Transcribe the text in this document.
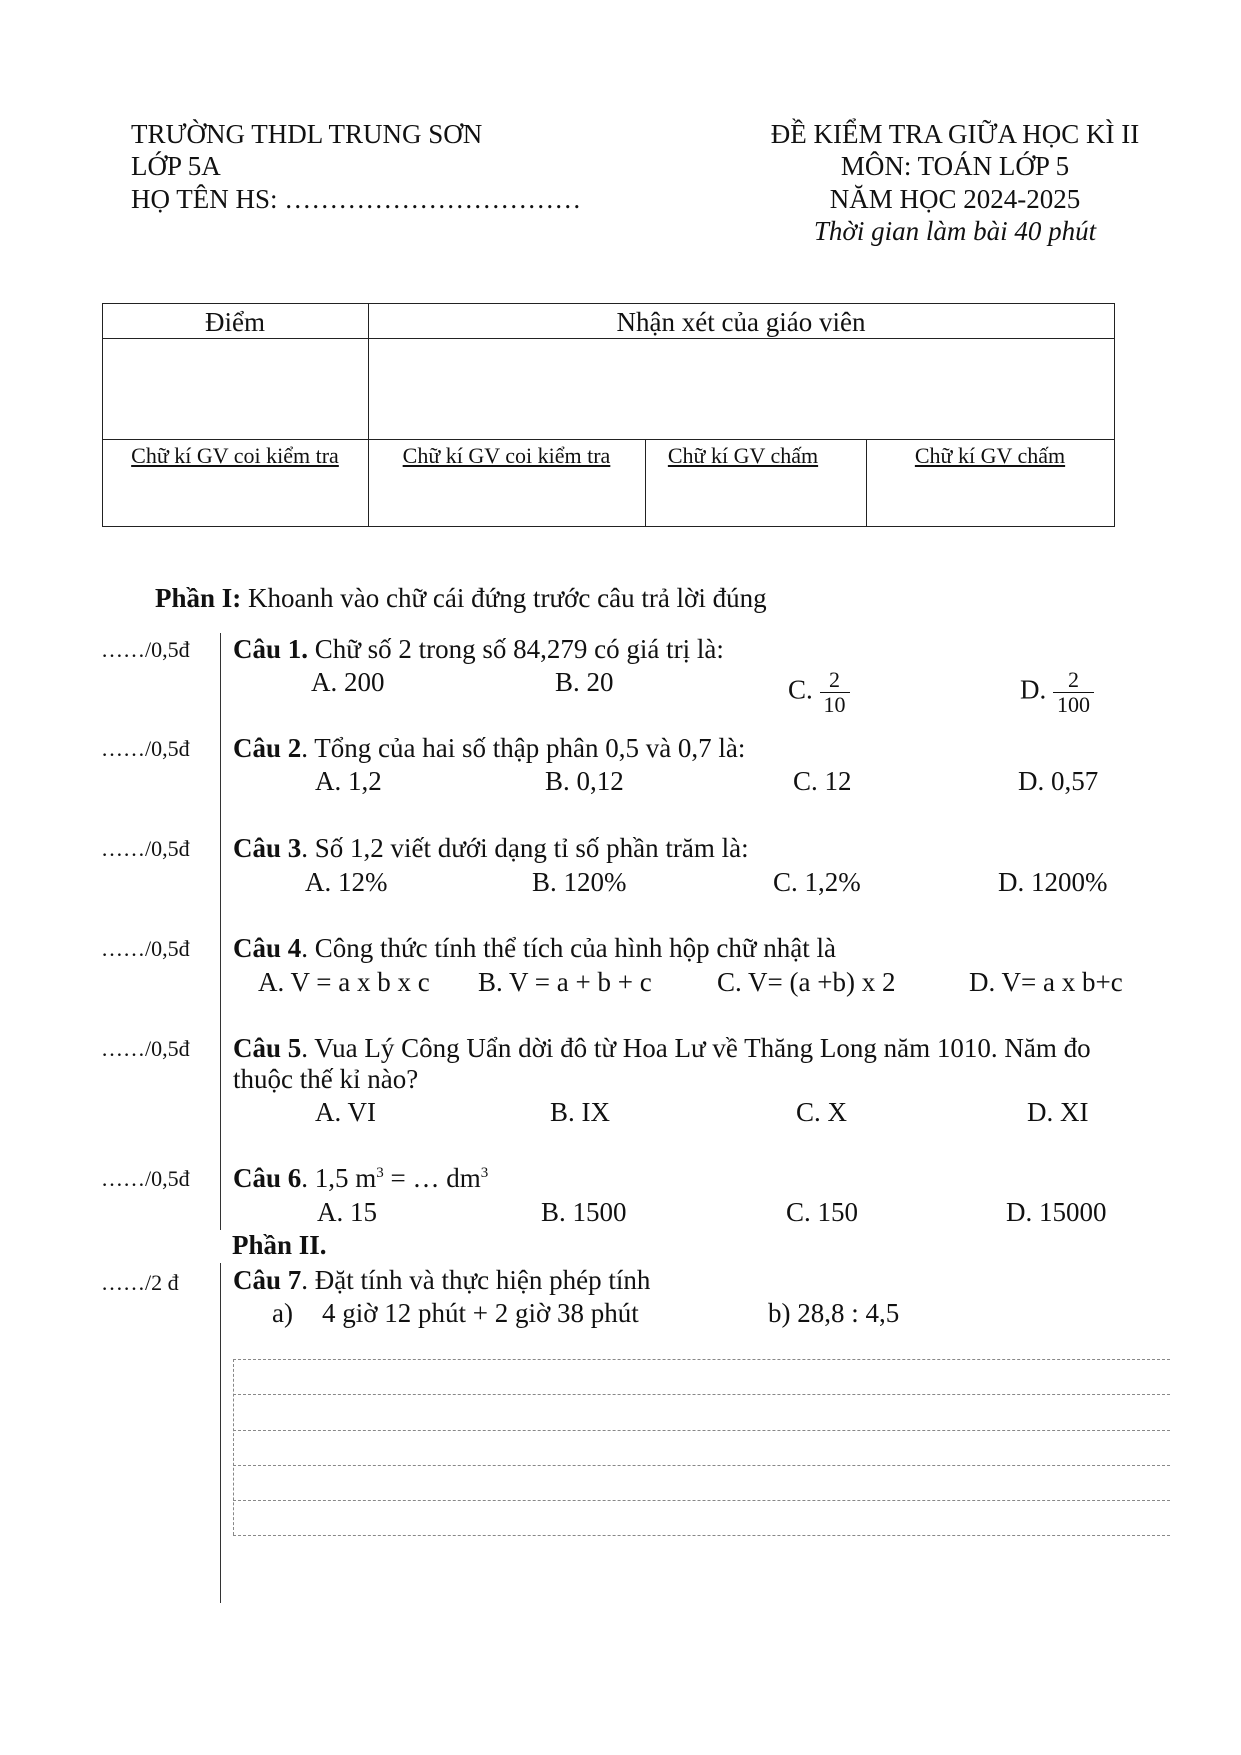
TRƯỜNG THDL TRUNG SƠN
LỚP 5A
HỌ TÊN HS: ……………………………
ĐỀ KIỂM TRA GIỮA HỌC KÌ II
MÔN: TOÁN LỚP 5
NĂM HỌC 2024-2025
Thời gian làm bài 40 phút
Điểm	Nhận xét của giáo viên
Chữ kí GV coi kiểm tra	Chữ kí GV coi kiểm tra	Chữ kí GV chấm	Chữ kí GV chấm
Phần I: Khoanh vào chữ cái đứng trước câu trả lời đúng
……/0,5đ Câu 1. Chữ số 2 trong số 84,279 có giá trị là:
A. 200	B. 20	C. $\frac{2}{10}$	D. $\frac{2}{100}$
……/0,5đ Câu 2. Tổng của hai số thập phân 0,5 và 0,7 là:
A. 1,2	B. 0,12	C. 12	D. 0,57
……/0,5đ Câu 3. Số 1,2 viết dưới dạng tỉ số phần trăm là:
A. 12%	B. 120%	C. 1,2%	D. 1200%
……/0,5đ Câu 4. Công thức tính thể tích của hình hộp chữ nhật là
A. V = a x b x c B. V = a + b + c C. V= (a +b) x 2	D. V= a x b+c
……/0,5đ Câu 5. Vua Lý Công Uẩn dời đô từ Hoa Lư về Thăng Long năm 1010. Năm đo
thuộc thế kỉ nào?
A. VI	B. IX	C. X	D. XI
……/0,5đ Câu 6. 1,5 $m^3$ = … $dm^3$
A. 15	B. 1500	C. 150	D. 15000
Phần II.
……/2 đ Câu 7. Đặt tính và thực hiện phép tính
a) 4 giờ 12 phút + 2 giờ 38 phút	b) 28,8 : 4,5
